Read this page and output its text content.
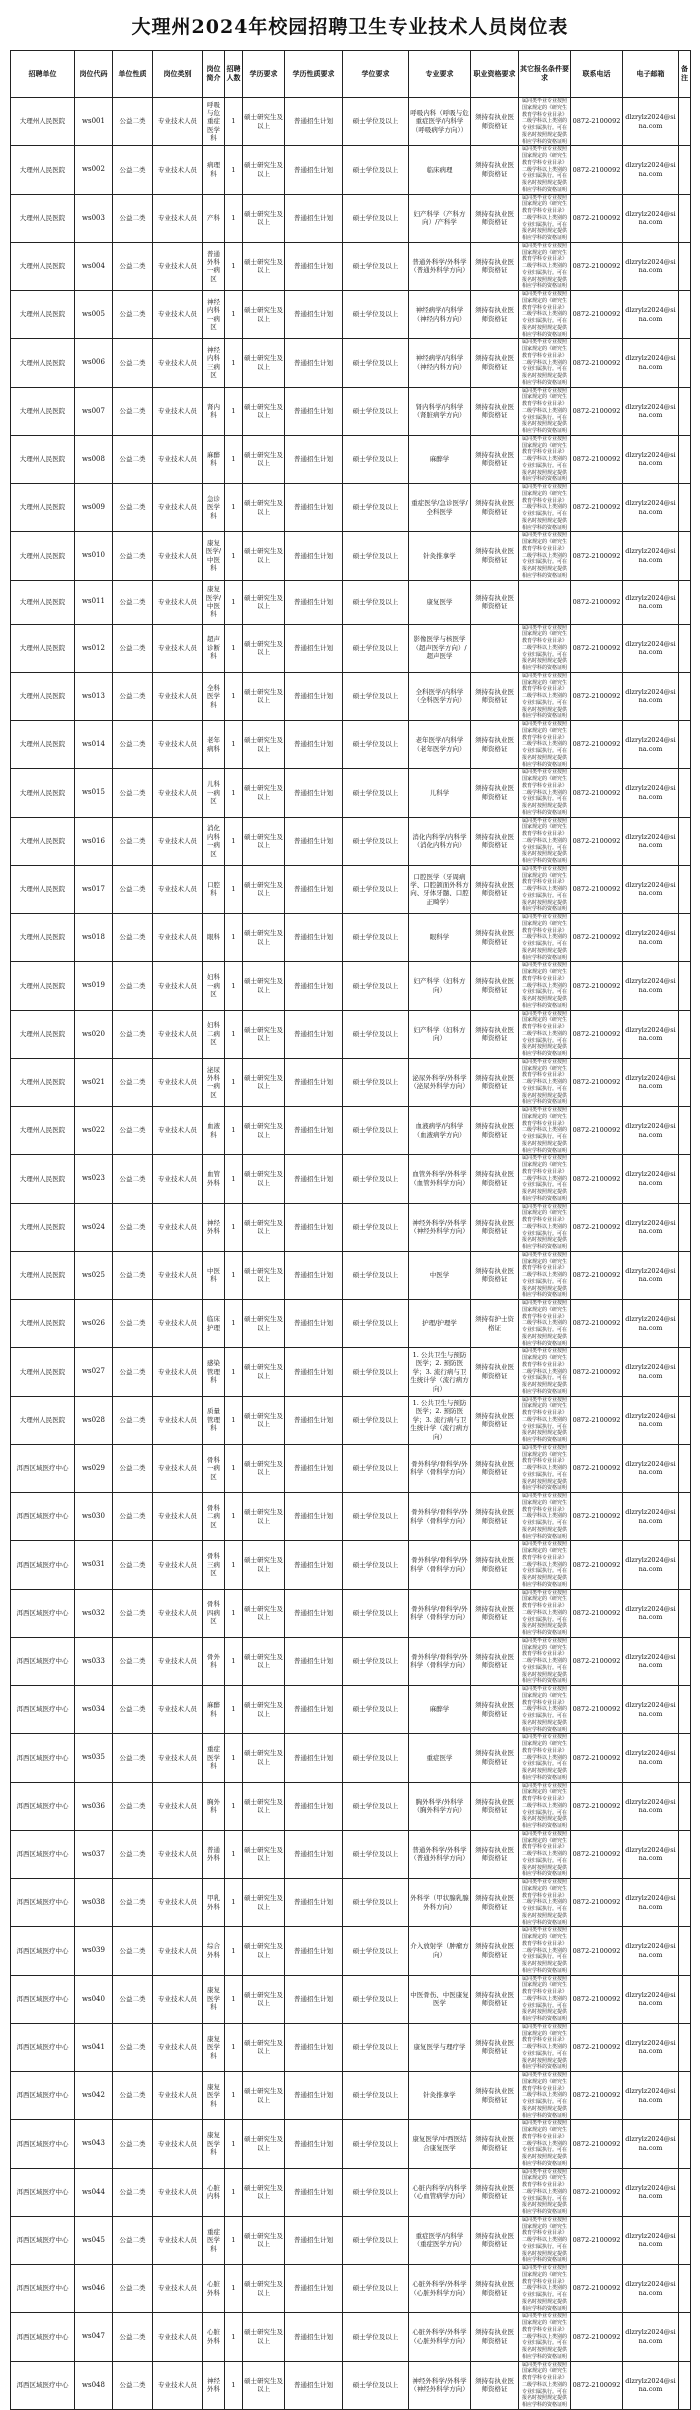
大理州2024年校园招聘卫生专业技术人员岗位表
招聘单位	岗位代码	单位性质	岗位类别	岗位简介	招聘人数	学历要求	学历性质要求	学位要求	专业要求	职业资格要求	其它报名条件要求	联系电话	电子邮箱	备注
大理州人民医院	ws001	公益二类	专业技术人员	呼吸与危重症医学科	1	硕士研究生及以上	普通招生计划	硕士学位及以上	呼吸内科（呼吸与危重症医学/内科学（呼吸病学方向））	须持有执业医师资格证	属同类毕业专业按照国家规定的《研究生教育学科专业目录》二级学科以上类别的专业归属执行。可在报名时按照规定提供相应学科的资格证明	0872-2100092	dlzrylz2024@sina.com	
大理州人民医院	ws002	公益二类	专业技术人员	病理科	1	硕士研究生及以上	普通招生计划	硕士学位及以上	临床病理	须持有执业医师资格证	属同类毕业专业按照国家规定的《研究生教育学科专业目录》二级学科以上类别的专业归属执行。可在报名时按照规定提供相应学科的资格证明	0872-2100092	dlzrylz2024@sina.com	
大理州人民医院	ws003	公益二类	专业技术人员	产科	1	硕士研究生及以上	普通招生计划	硕士学位及以上	妇产科学（产科方向）/产科学	须持有执业医师资格证	属同类毕业专业按照国家规定的《研究生教育学科专业目录》二级学科以上类别的专业归属执行。可在报名时按照规定提供相应学科的资格证明	0872-2100092	dlzrylz2024@sina.com	
大理州人民医院	ws004	公益二类	专业技术人员	普通外科一病区	1	硕士研究生及以上	普通招生计划	硕士学位及以上	普通外科学/外科学（普通外科学方向）	须持有执业医师资格证	属同类毕业专业按照国家规定的《研究生教育学科专业目录》二级学科以上类别的专业归属执行。可在报名时按照规定提供相应学科的资格证明	0872-2100092	dlzrylz2024@sina.com	
大理州人民医院	ws005	公益二类	专业技术人员	神经内科一病区	1	硕士研究生及以上	普通招生计划	硕士学位及以上	神经病学/内科学（神经内科方向）	须持有执业医师资格证	属同类毕业专业按照国家规定的《研究生教育学科专业目录》二级学科以上类别的专业归属执行。可在报名时按照规定提供相应学科的资格证明	0872-2100092	dlzrylz2024@sina.com	
大理州人民医院	ws006	公益二类	专业技术人员	神经内科三病区	1	硕士研究生及以上	普通招生计划	硕士学位及以上	神经病学/内科学（神经内科方向）	须持有执业医师资格证	属同类毕业专业按照国家规定的《研究生教育学科专业目录》二级学科以上类别的专业归属执行。可在报名时按照规定提供相应学科的资格证明	0872-2100092	dlzrylz2024@sina.com	
大理州人民医院	ws007	公益二类	专业技术人员	肾内科	1	硕士研究生及以上	普通招生计划	硕士学位及以上	肾内科学/内科学（肾脏病学方向）	须持有执业医师资格证	属同类毕业专业按照国家规定的《研究生教育学科专业目录》二级学科以上类别的专业归属执行。可在报名时按照规定提供相应学科的资格证明	0872-2100092	dlzrylz2024@sina.com	
大理州人民医院	ws008	公益二类	专业技术人员	麻醉科	1	硕士研究生及以上	普通招生计划	硕士学位及以上	麻醉学	须持有执业医师资格证	属同类毕业专业按照国家规定的《研究生教育学科专业目录》二级学科以上类别的专业归属执行。可在报名时按照规定提供相应学科的资格证明	0872-2100092	dlzrylz2024@sina.com	
大理州人民医院	ws009	公益二类	专业技术人员	急诊医学科	1	硕士研究生及以上	普通招生计划	硕士学位及以上	重症医学/急诊医学/全科医学	须持有执业医师资格证	属同类毕业专业按照国家规定的《研究生教育学科专业目录》二级学科以上类别的专业归属执行。可在报名时按照规定提供相应学科的资格证明	0872-2100092	dlzrylz2024@sina.com	
大理州人民医院	ws010	公益二类	专业技术人员	康复医学/中医科	1	硕士研究生及以上	普通招生计划	硕士学位及以上	针灸推拿学	须持有执业医师资格证	属同类毕业专业按照国家规定的《研究生教育学科专业目录》二级学科以上类别的专业归属执行。可在报名时按照规定提供相应学科的资格证明	0872-2100092	dlzrylz2024@sina.com	
大理州人民医院	ws011	公益二类	专业技术人员	康复医学/中医科	1	硕士研究生及以上	普通招生计划	硕士学位及以上	康复医学	须持有执业医师资格证		0872-2100092	dlzrylz2024@sina.com	
大理州人民医院	ws012	公益二类	专业技术人员	超声诊断科	1	硕士研究生及以上	普通招生计划	硕士学位及以上	影像医学与核医学（超声医学方向）/超声医学		属同类毕业专业按照国家规定的《研究生教育学科专业目录》二级学科以上类别的专业归属执行。可在报名时按照规定提供相应学科的资格证明	0872-2100092	dlzrylz2024@sina.com	
大理州人民医院	ws013	公益二类	专业技术人员	全科医学科	1	硕士研究生及以上	普通招生计划	硕士学位及以上	全科医学/内科学（全科医学方向）	须持有执业医师资格证	属同类毕业专业按照国家规定的《研究生教育学科专业目录》二级学科以上类别的专业归属执行。可在报名时按照规定提供相应学科的资格证明	0872-2100092	dlzrylz2024@sina.com	
大理州人民医院	ws014	公益二类	专业技术人员	老年病科	1	硕士研究生及以上	普通招生计划	硕士学位及以上	老年医学/内科学（老年医学方向）	须持有执业医师资格证	属同类毕业专业按照国家规定的《研究生教育学科专业目录》二级学科以上类别的专业归属执行。可在报名时按照规定提供相应学科的资格证明	0872-2100092	dlzrylz2024@sina.com	
大理州人民医院	ws015	公益二类	专业技术人员	儿科一病区	1	硕士研究生及以上	普通招生计划	硕士学位及以上	儿科学	须持有执业医师资格证	属同类毕业专业按照国家规定的《研究生教育学科专业目录》二级学科以上类别的专业归属执行。可在报名时按照规定提供相应学科的资格证明	0872-2100092	dlzrylz2024@sina.com	
大理州人民医院	ws016	公益二类	专业技术人员	消化内科一病区	1	硕士研究生及以上	普通招生计划	硕士学位及以上	消化内科学/内科学（消化内科方向）	须持有执业医师资格证	属同类毕业专业按照国家规定的《研究生教育学科专业目录》二级学科以上类别的专业归属执行。可在报名时按照规定提供相应学科的资格证明	0872-2100092	dlzrylz2024@sina.com	
大理州人民医院	ws017	公益二类	专业技术人员	口腔科	1	硕士研究生及以上	普通招生计划	硕士学位及以上	口腔医学（牙周病学、口腔颌面外科方向、牙体牙髓、口腔正畸学）	须持有执业医师资格证	属同类毕业专业按照国家规定的《研究生教育学科专业目录》二级学科以上类别的专业归属执行。可在报名时按照规定提供相应学科的资格证明	0872-2100092	dlzrylz2024@sina.com	
大理州人民医院	ws018	公益二类	专业技术人员	眼科	1	硕士研究生及以上	普通招生计划	硕士学位及以上	眼科学	须持有执业医师资格证	属同类毕业专业按照国家规定的《研究生教育学科专业目录》二级学科以上类别的专业归属执行。可在报名时按照规定提供相应学科的资格证明	0872-2100092	dlzrylz2024@sina.com	
大理州人民医院	ws019	公益二类	专业技术人员	妇科一病区	1	硕士研究生及以上	普通招生计划	硕士学位及以上	妇产科学（妇科方向）	须持有执业医师资格证	属同类毕业专业按照国家规定的《研究生教育学科专业目录》二级学科以上类别的专业归属执行。可在报名时按照规定提供相应学科的资格证明	0872-2100092	dlzrylz2024@sina.com	
大理州人民医院	ws020	公益二类	专业技术人员	妇科二病区	1	硕士研究生及以上	普通招生计划	硕士学位及以上	妇产科学（妇科方向）	须持有执业医师资格证	属同类毕业专业按照国家规定的《研究生教育学科专业目录》二级学科以上类别的专业归属执行。可在报名时按照规定提供相应学科的资格证明	0872-2100092	dlzrylz2024@sina.com	
大理州人民医院	ws021	公益二类	专业技术人员	泌尿外科一病区	1	硕士研究生及以上	普通招生计划	硕士学位及以上	泌尿外科学/外科学（泌尿外科学方向）	须持有执业医师资格证	属同类毕业专业按照国家规定的《研究生教育学科专业目录》二级学科以上类别的专业归属执行。可在报名时按照规定提供相应学科的资格证明	0872-2100092	dlzrylz2024@sina.com	
大理州人民医院	ws022	公益二类	专业技术人员	血液科	1	硕士研究生及以上	普通招生计划	硕士学位及以上	血液病学/内科学（血液病学方向）	须持有执业医师资格证	属同类毕业专业按照国家规定的《研究生教育学科专业目录》二级学科以上类别的专业归属执行。可在报名时按照规定提供相应学科的资格证明	0872-2100092	dlzrylz2024@sina.com	
大理州人民医院	ws023	公益二类	专业技术人员	血管外科	1	硕士研究生及以上	普通招生计划	硕士学位及以上	血管外科学/外科学（血管外科学方向）	须持有执业医师资格证	属同类毕业专业按照国家规定的《研究生教育学科专业目录》二级学科以上类别的专业归属执行。可在报名时按照规定提供相应学科的资格证明	0872-2100092	dlzrylz2024@sina.com	
大理州人民医院	ws024	公益二类	专业技术人员	神经外科	1	硕士研究生及以上	普通招生计划	硕士学位及以上	神经外科学/外科学（神经外科学方向）	须持有执业医师资格证	属同类毕业专业按照国家规定的《研究生教育学科专业目录》二级学科以上类别的专业归属执行。可在报名时按照规定提供相应学科的资格证明	0872-2100092	dlzrylz2024@sina.com	
大理州人民医院	ws025	公益二类	专业技术人员	中医科	1	硕士研究生及以上	普通招生计划	硕士学位及以上	中医学	须持有执业医师资格证	属同类毕业专业按照国家规定的《研究生教育学科专业目录》二级学科以上类别的专业归属执行。可在报名时按照规定提供相应学科的资格证明	0872-2100092	dlzrylz2024@sina.com	
大理州人民医院	ws026	公益二类	专业技术人员	临床护理	1	硕士研究生及以上	普通招生计划	硕士学位及以上	护理/护理学	须持有护士资格证	属同类毕业专业按照国家规定的《研究生教育学科专业目录》二级学科以上类别的专业归属执行。可在报名时按照规定提供相应学科的资格证明	0872-2100092	dlzrylz2024@sina.com	
大理州人民医院	ws027	公益二类	专业技术人员	感染管理科	1	硕士研究生及以上	普通招生计划	硕士学位及以上	1. 公共卫生与预防医学；2. 预防医学；3. 流行病与卫生统计学（流行病方向）	须持有执业医师资格证	属同类毕业专业按照国家规定的《研究生教育学科专业目录》二级学科以上类别的专业归属执行。可在报名时按照规定提供相应学科的资格证明	0872-2100092	dlzrylz2024@sina.com	
大理州人民医院	ws028	公益二类	专业技术人员	质量管理科	1	硕士研究生及以上	普通招生计划	硕士学位及以上	1. 公共卫生与预防医学；2. 预防医学；3. 流行病与卫生统计学（流行病方向）	须持有执业医师资格证	属同类毕业专业按照国家规定的《研究生教育学科专业目录》二级学科以上类别的专业归属执行。可在报名时按照规定提供相应学科的资格证明	0872-2100092	dlzrylz2024@sina.com	
洱西区域医疗中心	ws029	公益二类	专业技术人员	骨科一病区	1	硕士研究生及以上	普通招生计划	硕士学位及以上	骨外科学/骨科学/外科学（骨科学方向）	须持有执业医师资格证	属同类毕业专业按照国家规定的《研究生教育学科专业目录》二级学科以上类别的专业归属执行。可在报名时按照规定提供相应学科的资格证明	0872-2100092	dlzrylz2024@sina.com	
洱西区域医疗中心	ws030	公益二类	专业技术人员	骨科二病区	1	硕士研究生及以上	普通招生计划	硕士学位及以上	骨外科学/骨科学/外科学（骨科学方向）	须持有执业医师资格证	属同类毕业专业按照国家规定的《研究生教育学科专业目录》二级学科以上类别的专业归属执行。可在报名时按照规定提供相应学科的资格证明	0872-2100092	dlzrylz2024@sina.com	
洱西区域医疗中心	ws031	公益二类	专业技术人员	骨科三病区	1	硕士研究生及以上	普通招生计划	硕士学位及以上	骨外科学/骨科学/外科学（骨科学方向）	须持有执业医师资格证	属同类毕业专业按照国家规定的《研究生教育学科专业目录》二级学科以上类别的专业归属执行。可在报名时按照规定提供相应学科的资格证明	0872-2100092	dlzrylz2024@sina.com	
洱西区域医疗中心	ws032	公益二类	专业技术人员	骨科四病区	1	硕士研究生及以上	普通招生计划	硕士学位及以上	骨外科学/骨科学/外科学（骨科学方向）	须持有执业医师资格证	属同类毕业专业按照国家规定的《研究生教育学科专业目录》二级学科以上类别的专业归属执行。可在报名时按照规定提供相应学科的资格证明	0872-2100092	dlzrylz2024@sina.com	
洱西区域医疗中心	ws033	公益二类	专业技术人员	骨外科	1	硕士研究生及以上	普通招生计划	硕士学位及以上	骨外科学/骨科学/外科学（骨科学方向）	须持有执业医师资格证	属同类毕业专业按照国家规定的《研究生教育学科专业目录》二级学科以上类别的专业归属执行。可在报名时按照规定提供相应学科的资格证明	0872-2100092	dlzrylz2024@sina.com	
洱西区域医疗中心	ws034	公益二类	专业技术人员	麻醉科	1	硕士研究生及以上	普通招生计划	硕士学位及以上	麻醉学	须持有执业医师资格证	属同类毕业专业按照国家规定的《研究生教育学科专业目录》二级学科以上类别的专业归属执行。可在报名时按照规定提供相应学科的资格证明	0872-2100092	dlzrylz2024@sina.com	
洱西区域医疗中心	ws035	公益二类	专业技术人员	重症医学科	1	硕士研究生及以上	普通招生计划	硕士学位及以上	重症医学	须持有执业医师资格证	属同类毕业专业按照国家规定的《研究生教育学科专业目录》二级学科以上类别的专业归属执行。可在报名时按照规定提供相应学科的资格证明	0872-2100092	dlzrylz2024@sina.com	
洱西区域医疗中心	ws036	公益二类	专业技术人员	胸外科	1	硕士研究生及以上	普通招生计划	硕士学位及以上	胸外科学/外科学（胸外科学方向）	须持有执业医师资格证	属同类毕业专业按照国家规定的《研究生教育学科专业目录》二级学科以上类别的专业归属执行。可在报名时按照规定提供相应学科的资格证明	0872-2100092	dlzrylz2024@sina.com	
洱西区域医疗中心	ws037	公益二类	专业技术人员	普通外科	1	硕士研究生及以上	普通招生计划	硕士学位及以上	普通外科学/外科学（普通外科学方向）	须持有执业医师资格证	属同类毕业专业按照国家规定的《研究生教育学科专业目录》二级学科以上类别的专业归属执行。可在报名时按照规定提供相应学科的资格证明	0872-2100092	dlzrylz2024@sina.com	
洱西区域医疗中心	ws038	公益二类	专业技术人员	甲乳外科	1	硕士研究生及以上	普通招生计划	硕士学位及以上	外科学（甲状腺乳腺外科方向）	须持有执业医师资格证	属同类毕业专业按照国家规定的《研究生教育学科专业目录》二级学科以上类别的专业归属执行。可在报名时按照规定提供相应学科的资格证明	0872-2100092	dlzrylz2024@sina.com	
洱西区域医疗中心	ws039	公益二类	专业技术人员	综合外科	1	硕士研究生及以上	普通招生计划	硕士学位及以上	介入放射学（肿瘤方向）	须持有执业医师资格证	属同类毕业专业按照国家规定的《研究生教育学科专业目录》二级学科以上类别的专业归属执行。可在报名时按照规定提供相应学科的资格证明	0872-2100092	dlzrylz2024@sina.com	
洱西区域医疗中心	ws040	公益二类	专业技术人员	康复医学科	1	硕士研究生及以上	普通招生计划	硕士学位及以上	中医骨伤、中医康复医学	须持有执业医师资格证	属同类毕业专业按照国家规定的《研究生教育学科专业目录》二级学科以上类别的专业归属执行。可在报名时按照规定提供相应学科的资格证明	0872-2100092	dlzrylz2024@sina.com	
洱西区域医疗中心	ws041	公益二类	专业技术人员	康复医学科	1	硕士研究生及以上	普通招生计划	硕士学位及以上	康复医学与理疗学	须持有执业医师资格证	属同类毕业专业按照国家规定的《研究生教育学科专业目录》二级学科以上类别的专业归属执行。可在报名时按照规定提供相应学科的资格证明	0872-2100092	dlzrylz2024@sina.com	
洱西区域医疗中心	ws042	公益二类	专业技术人员	康复医学科	1	硕士研究生及以上	普通招生计划	硕士学位及以上	针灸推拿学	须持有执业医师资格证	属同类毕业专业按照国家规定的《研究生教育学科专业目录》二级学科以上类别的专业归属执行。可在报名时按照规定提供相应学科的资格证明	0872-2100092	dlzrylz2024@sina.com	
洱西区域医疗中心	ws043	公益二类	专业技术人员	康复医学科	1	硕士研究生及以上	普通招生计划	硕士学位及以上	康复医学/中西医结合康复医学	须持有执业医师资格证	属同类毕业专业按照国家规定的《研究生教育学科专业目录》二级学科以上类别的专业归属执行。可在报名时按照规定提供相应学科的资格证明	0872-2100092	dlzrylz2024@sina.com	
洱西区域医疗中心	ws044	公益二类	专业技术人员	心脏内科	1	硕士研究生及以上	普通招生计划	硕士学位及以上	心脏内科学/内科学（心血管病学方向）	须持有执业医师资格证	属同类毕业专业按照国家规定的《研究生教育学科专业目录》二级学科以上类别的专业归属执行。可在报名时按照规定提供相应学科的资格证明	0872-2100092	dlzrylz2024@sina.com	
洱西区域医疗中心	ws045	公益二类	专业技术人员	重症医学科	1	硕士研究生及以上	普通招生计划	硕士学位及以上	重症医学/内科学（重症医学方向）	须持有执业医师资格证	属同类毕业专业按照国家规定的《研究生教育学科专业目录》二级学科以上类别的专业归属执行。可在报名时按照规定提供相应学科的资格证明	0872-2100092	dlzrylz2024@sina.com	
洱西区域医疗中心	ws046	公益二类	专业技术人员	心脏外科	1	硕士研究生及以上	普通招生计划	硕士学位及以上	心脏外科学/外科学（心脏外科学方向）	须持有执业医师资格证	属同类毕业专业按照国家规定的《研究生教育学科专业目录》二级学科以上类别的专业归属执行。可在报名时按照规定提供相应学科的资格证明	0872-2100092	dlzrylz2024@sina.com	
洱西区域医疗中心	ws047	公益二类	专业技术人员	心脏外科	1	硕士研究生及以上	普通招生计划	硕士学位及以上	心脏外科学/外科学（心脏外科学方向）	须持有执业医师资格证	属同类毕业专业按照国家规定的《研究生教育学科专业目录》二级学科以上类别的专业归属执行。可在报名时按照规定提供相应学科的资格证明	0872-2100092	dlzrylz2024@sina.com	
洱西区域医疗中心	ws048	公益二类	专业技术人员	神经外科	1	硕士研究生及以上	普通招生计划	硕士学位及以上	神经外科学/外科学（神经外科学方向）	须持有执业医师资格证	属同类毕业专业按照国家规定的《研究生教育学科专业目录》二级学科以上类别的专业归属执行。可在报名时按照规定提供相应学科的资格证明	0872-2100092	dlzrylz2024@sina.com	
